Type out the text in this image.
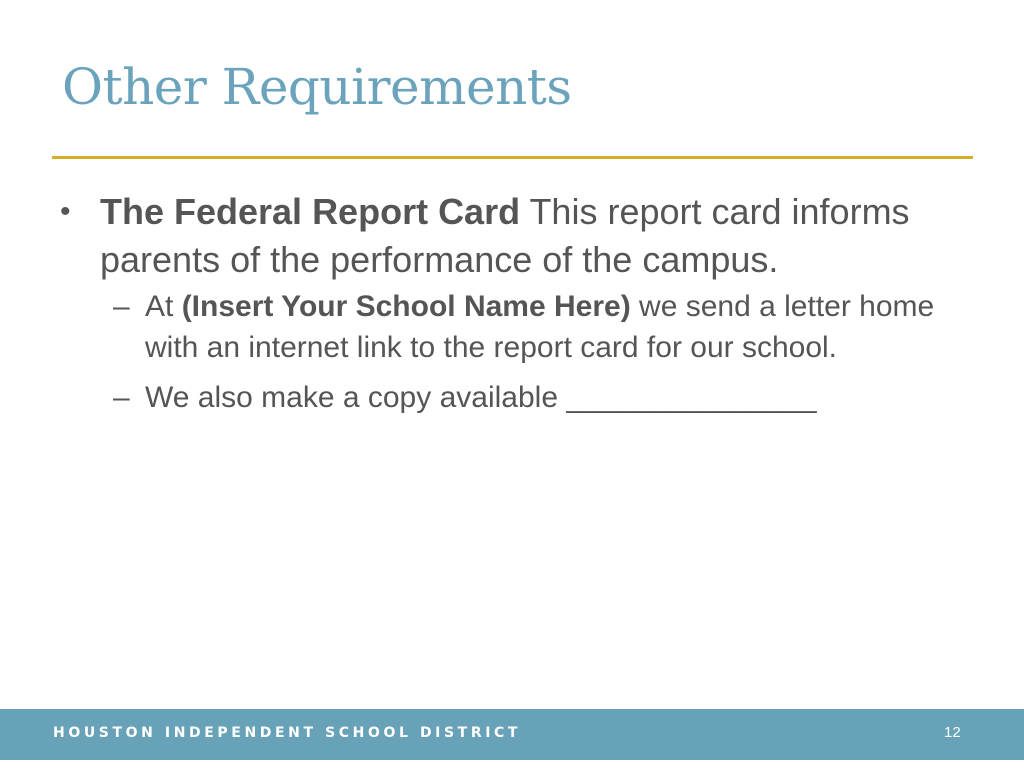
Other Requirements
• The Federal Report Card This report card informs parents of the performance of the campus.
– At (Insert Your School Name Here) we send a letter home with an internet link to the report card for our school.
– We also make a copy available _______________
HOUSTON INDEPENDENT SCHOOL DISTRICT	12
